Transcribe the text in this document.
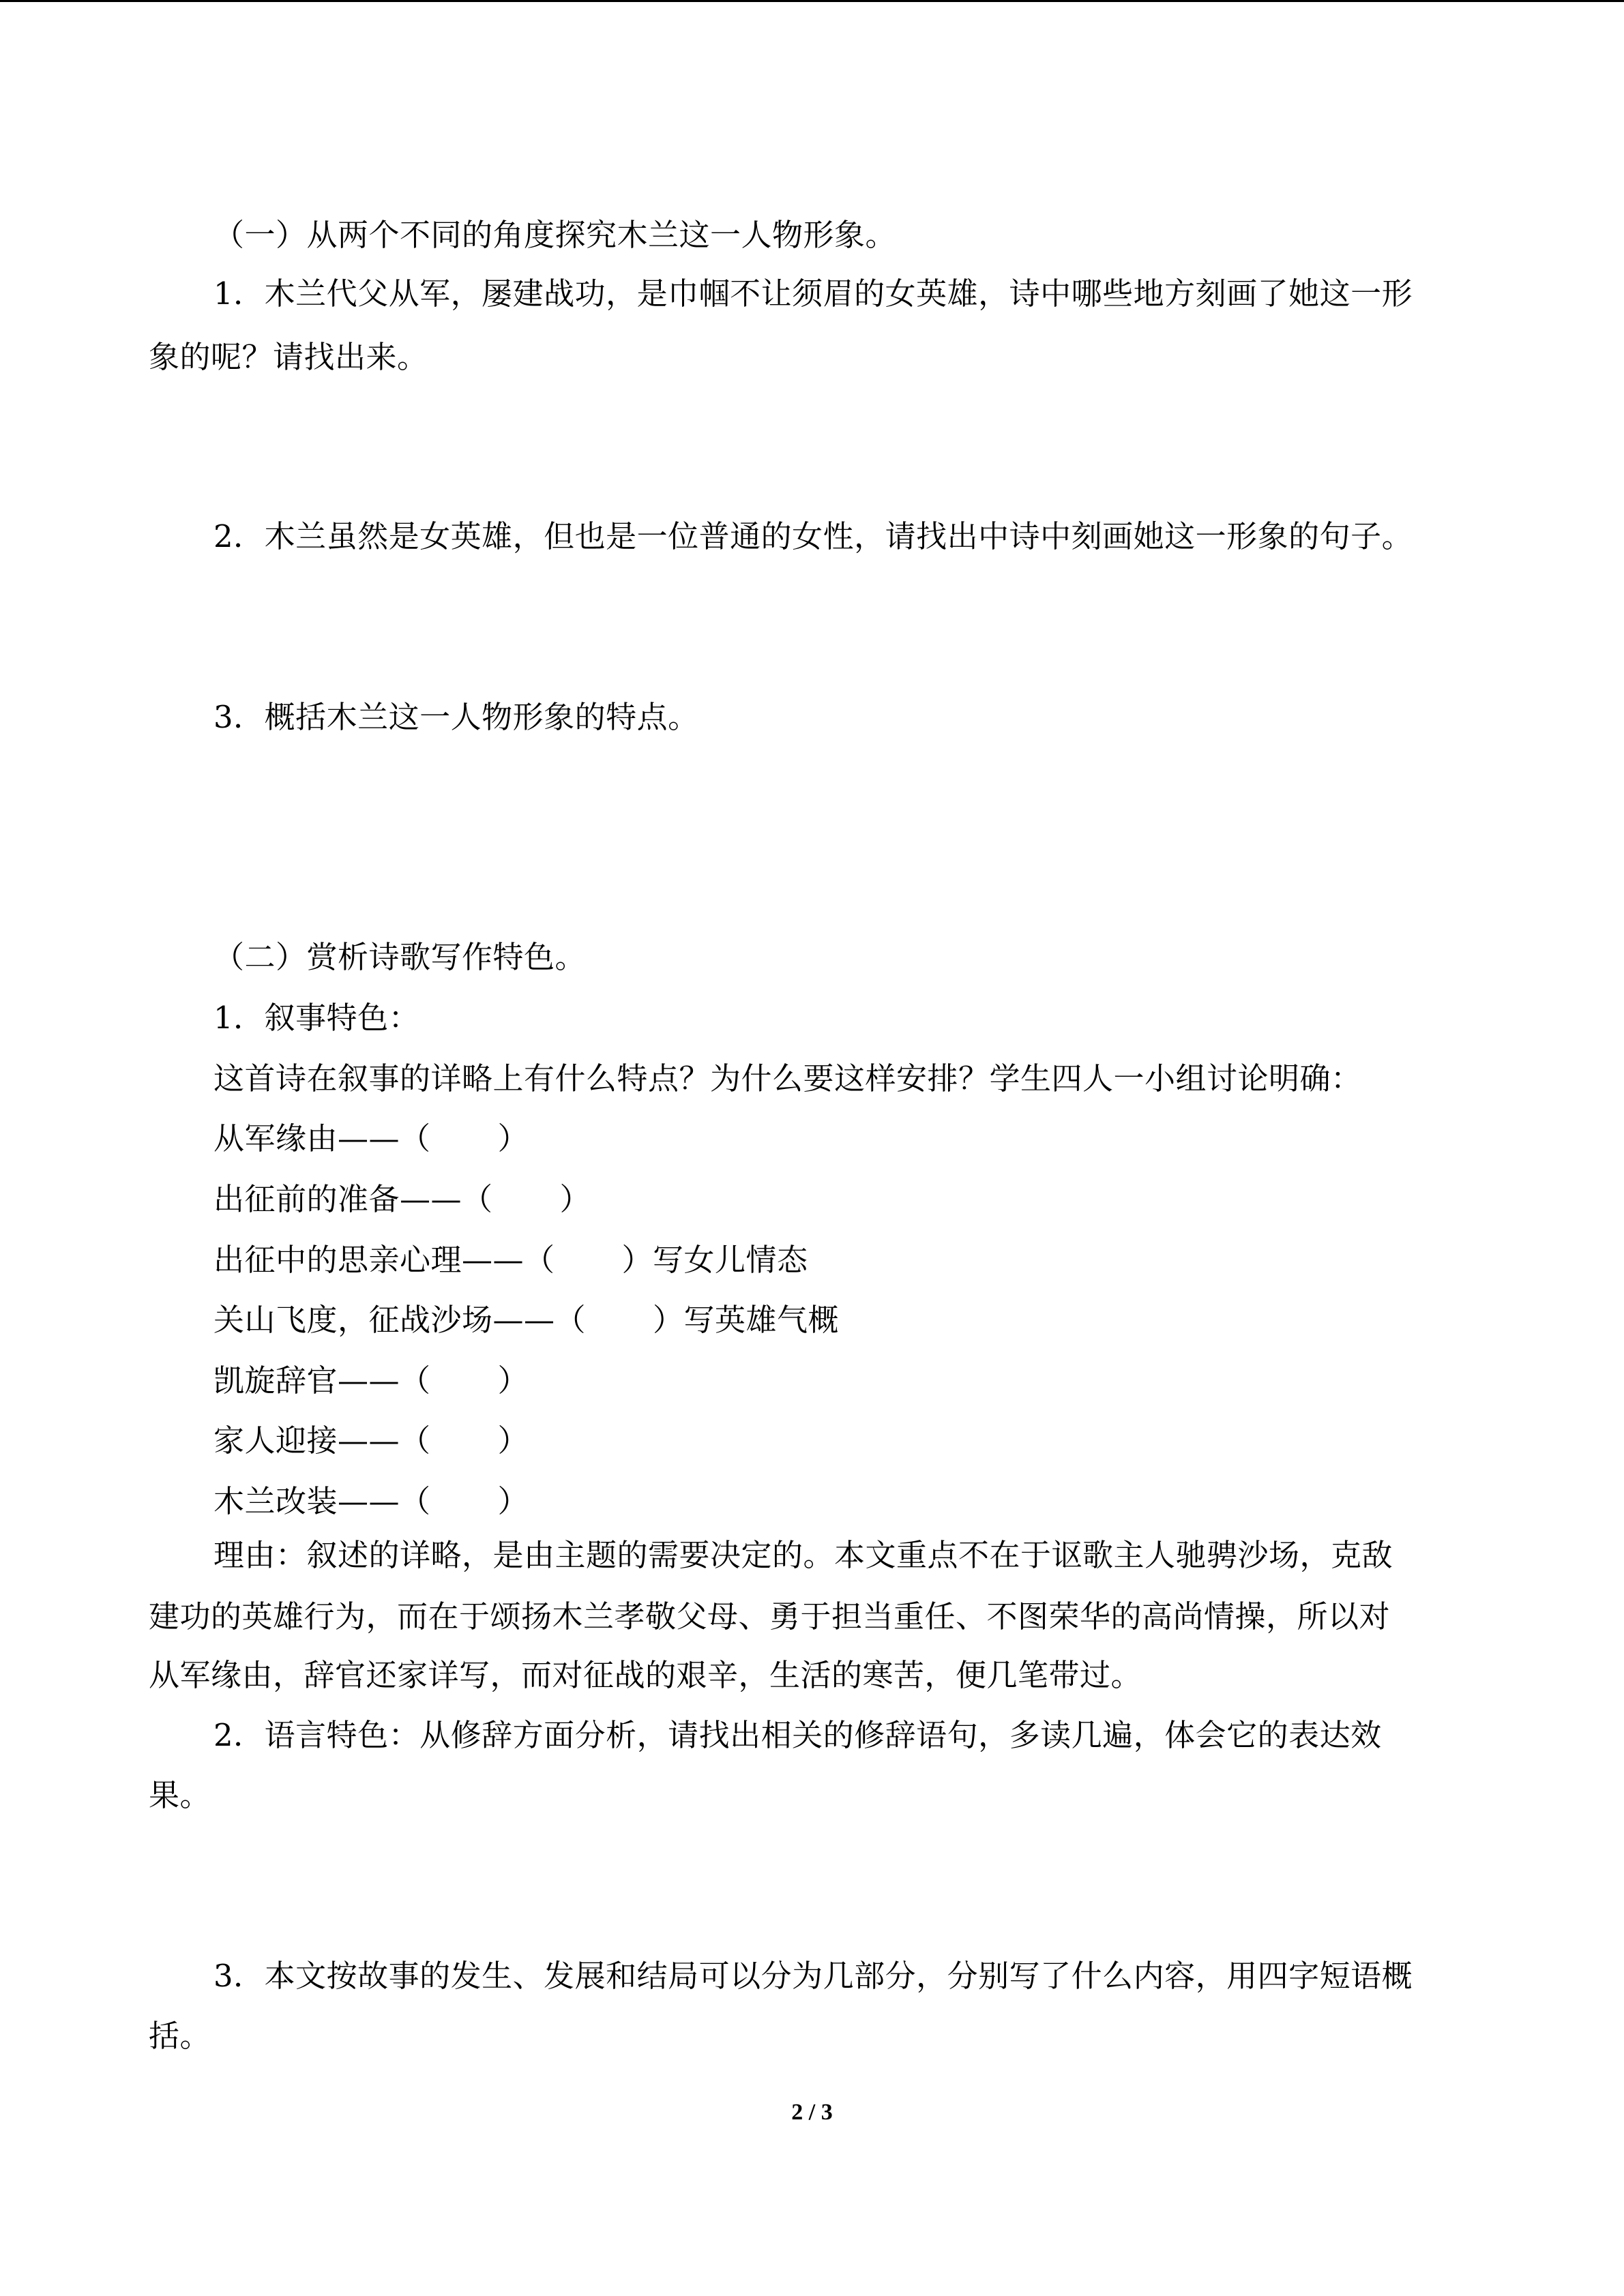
（一）从两个不同的角度探究木兰这一人物形象。
1．木兰代父从军，屡建战功，是巾帼不让须眉的女英雄，诗中哪些地方刻画了她这一形
象的呢？请找出来。
2．木兰虽然是女英雄，但也是一位普通的女性，请找出中诗中刻画她这一形象的句子。
3．概括木兰这一人物形象的特点。
（二）赏析诗歌写作特色。
1．叙事特色：
这首诗在叙事的详略上有什么特点？为什么要这样安排？学生四人一小组讨论明确：
从军缘由——（ ）
出征前的准备——（ ）
出征中的思亲心理——（ ）写女儿情态
关山飞度，征战沙场——（ ）写英雄气概
凯旋辞官——（ ）
家人迎接——（ ）
木兰改装——（ ）
理由：叙述的详略，是由主题的需要决定的。本文重点不在于讴歌主人驰骋沙场，克敌
建功的英雄行为，而在于颂扬木兰孝敬父母、勇于担当重任、不图荣华的高尚情操，所以对
从军缘由，辞官还家详写，而对征战的艰辛，生活的寒苦，便几笔带过。
2．语言特色：从修辞方面分析，请找出相关的修辞语句，多读几遍，体会它的表达效
果。
3．本文按故事的发生、发展和结局可以分为几部分，分别写了什么内容，用四字短语概
括。
2 / 3
